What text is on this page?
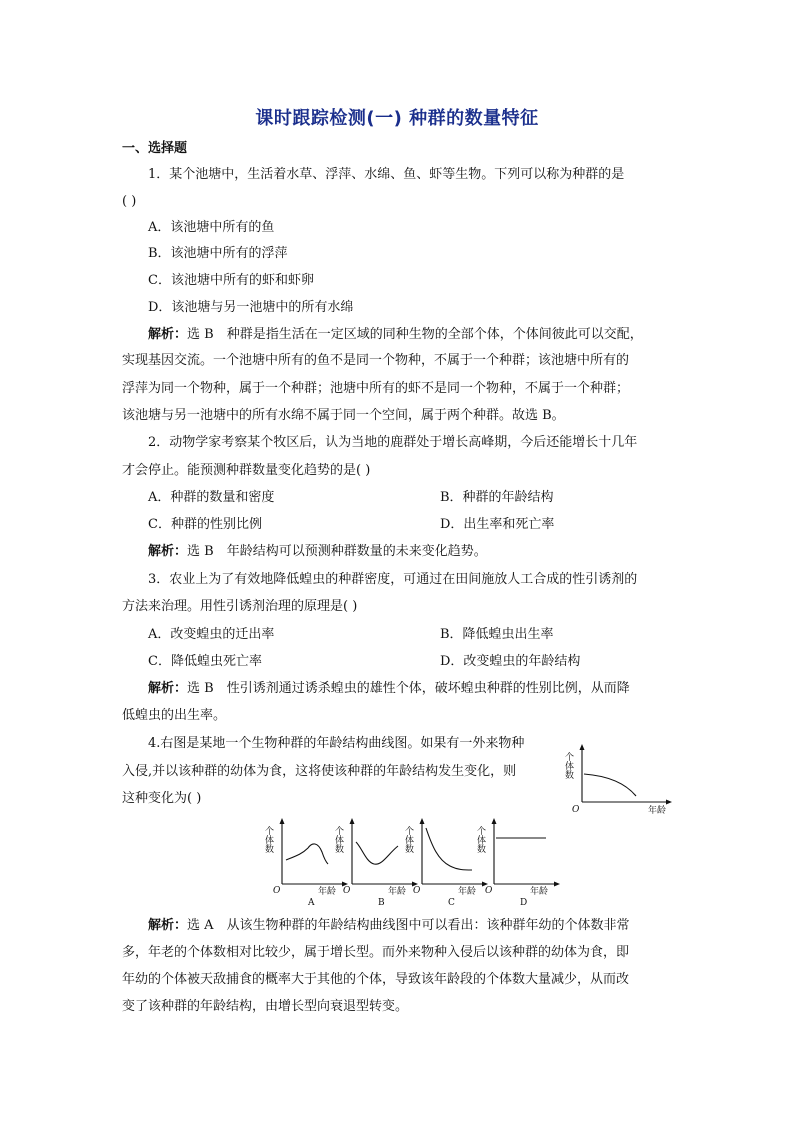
课时跟踪检测(一) 种群的数量特征
一、选择题
1．某个池塘中，生活着水草、浮萍、水绵、鱼、虾等生物。下列可以称为种群的是
( )
A．该池塘中所有的鱼
B．该池塘中所有的浮萍
C．该池塘中所有的虾和虾卵
D．该池塘与另一池塘中的所有水绵
解析：选 B　种群是指生活在一定区域的同种生物的全部个体，个体间彼此可以交配，
实现基因交流。一个池塘中所有的鱼不是同一个物种，不属于一个种群；该池塘中所有的
浮萍为同一个物种，属于一个种群；池塘中所有的虾不是同一个物种，不属于一个种群；
该池塘与另一池塘中的所有水绵不属于同一个空间，属于两个种群。故选 B。
2．动物学家考察某个牧区后，认为当地的鹿群处于增长高峰期，今后还能增长十几年
才会停止。能预测种群数量变化趋势的是( )
A．种群的数量和密度	B．种群的年龄结构
C．种群的性别比例	D．出生率和死亡率
解析：选 B　年龄结构可以预测种群数量的未来变化趋势。
3．农业上为了有效地降低蝗虫的种群密度，可通过在田间施放人工合成的性引诱剂的
方法来治理。用性引诱剂治理的原理是( )
A．改变蝗虫的迁出率	B．降低蝗虫出生率
C．降低蝗虫死亡率	D．改变蝗虫的年龄结构
解析：选 B　性引诱剂通过诱杀蝗虫的雄性个体，破坏蝗虫种群的性别比例，从而降
低蝗虫的出生率。
4.右图是某地一个生物种群的年龄结构曲线图。如果有一外来物种
入侵,并以该种群的幼体为食，这将使该种群的年龄结构发生变化，则
这种变化为( )
个体数
O	年龄
个体数
O	年龄
A
个体数
O	年龄
B
个体数
O	年龄
C
个体数
O	年龄
D
解析：选 A　从该生物种群的年龄结构曲线图中可以看出：该种群年幼的个体数非常
多，年老的个体数相对比较少，属于增长型。而外来物种入侵后以该种群的幼体为食，即
年幼的个体被天敌捕食的概率大于其他的个体，导致该年龄段的个体数大量减少，从而改
变了该种群的年龄结构，由增长型向衰退型转变。
